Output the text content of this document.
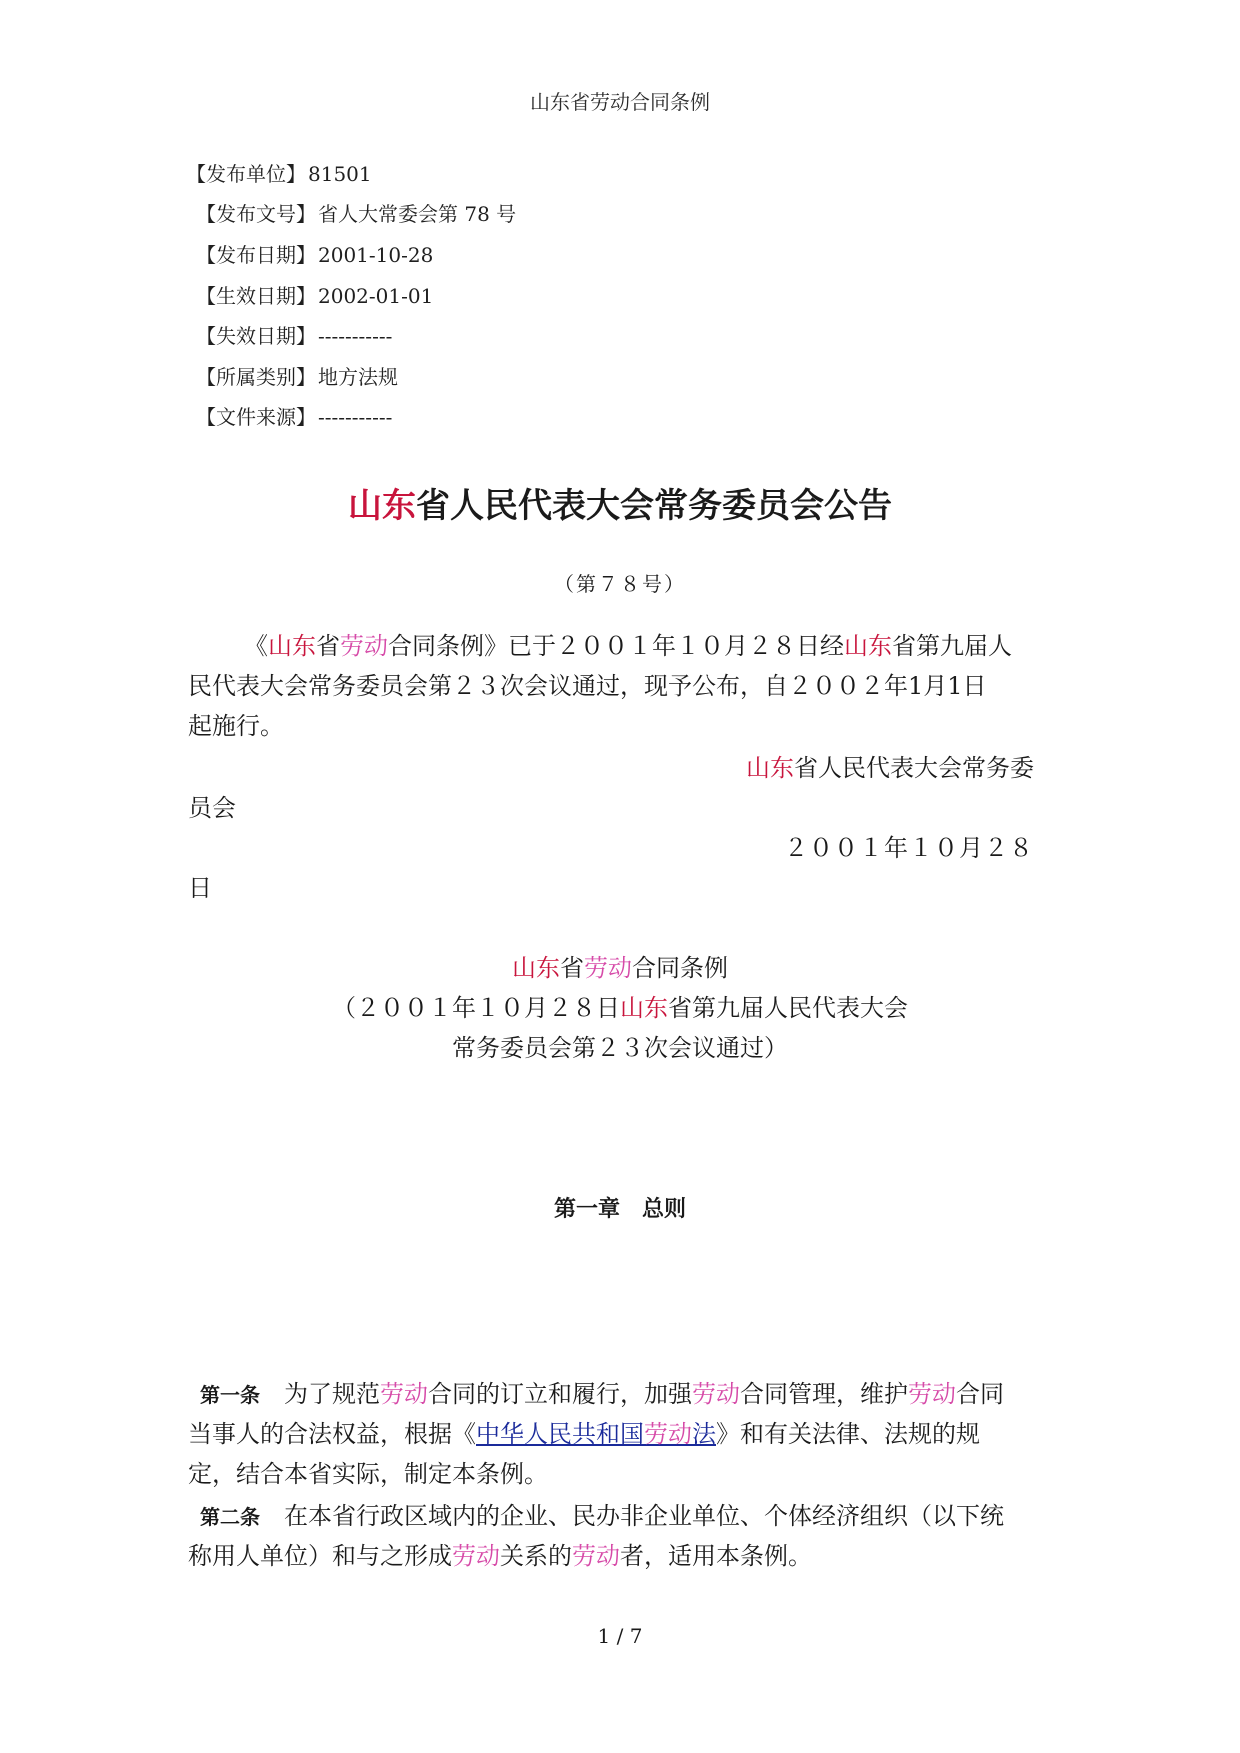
山东省劳动合同条例
【发布单位】 81501
【发布文号】 省人大常委会第 78 号
【发布日期】 2001-10-28
【生效日期】 2002-01-01
【失效日期】 -----------
【所属类别】 地方法规
【文件来源】 -----------
山东省人民代表大会常务委员会公告
（第７８号）
《山东省劳动合同条例》已于２００１年１０月２８日经山东省第九届人
民代表大会常务委员会第２３次会议通过，现予公布，自２００２年1月1日
起施行。
山东省人民代表大会常务委
员会
２００１年１０月２８
日
山东省劳动合同条例
（２００１年１０月２８日山东省第九届人民代表大会
常务委员会第２３次会议通过）
第一章　总则
第一条　为了规范劳动合同的订立和履行，加强劳动合同管理，维护劳动合同
当事人的合法权益，根据《中华人民共和国劳动法》和有关法律、法规的规
定，结合本省实际，制定本条例。
第二条　在本省行政区域内的企业、民办非企业单位、个体经济组织（以下统
称用人单位）和与之形成劳动关系的劳动者，适用本条例。
1 / 7
